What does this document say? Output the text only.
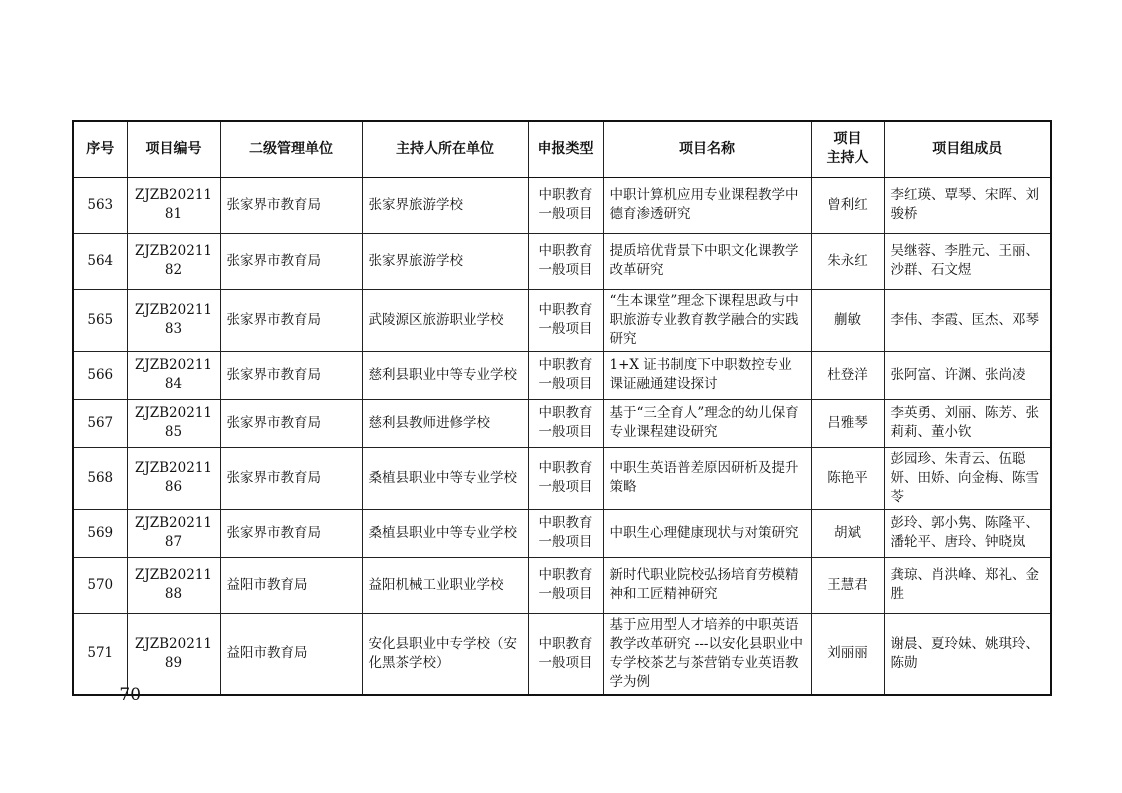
序号	项目编号	二级管理单位	主持人所在单位	申报类型	项目名称	项目
主持人	项目组成员
563	ZJZB2021181	张家界市教育局	张家界旅游学校	中职教育一般项目	中职计算机应用专业课程教学中德育渗透研究	曾利红	李红瑛、覃琴、宋晖、刘骏桥
564	ZJZB2021182	张家界市教育局	张家界旅游学校	中职教育一般项目	提质培优背景下中职文化课教学改革研究	朱永红	吴继蓉、李胜元、王丽、沙群、石文煜
565	ZJZB2021183	张家界市教育局	武陵源区旅游职业学校	中职教育一般项目	“生本课堂”理念下课程思政与中职旅游专业教育教学融合的实践研究	蒯敏	李伟、李霞、匡杰、邓琴
566	ZJZB2021184	张家界市教育局	慈利县职业中等专业学校	中职教育一般项目	1+X 证书制度下中职数控专业课证融通建设探讨	杜登洋	张阿富、许渊、张尚凌
567	ZJZB2021185	张家界市教育局	慈利县教师进修学校	中职教育一般项目	基于“三全育人”理念的幼儿保育专业课程建设研究	吕雅琴	李英勇、刘丽、陈芳、张莉莉、董小钦
568	ZJZB2021186	张家界市教育局	桑植县职业中等专业学校	中职教育一般项目	中职生英语普差原因研析及提升策略	陈艳平	彭园珍、朱青云、伍聪妍、田娇、向金梅、陈雪苓
569	ZJZB2021187	张家界市教育局	桑植县职业中等专业学校	中职教育一般项目	中职生心理健康现状与对策研究	胡斌	彭玲、郭小隽、陈隆平、潘轮平、唐玲、钟晓岚
570	ZJZB2021188	益阳市教育局	益阳机械工业职业学校	中职教育一般项目	新时代职业院校弘扬培育劳模精神和工匠精神研究	王慧君	龚琼、肖洪峰、郑礼、金胜
571	ZJZB2021189	益阳市教育局	安化县职业中专学校（安化黑茶学校）	中职教育一般项目	基于应用型人才培养的中职英语教学改革研究 ---以安化县职业中专学校茶艺与茶营销专业英语教学为例	刘丽丽	谢晨、夏玲妹、姚琪玲、陈勋
— 70 —
